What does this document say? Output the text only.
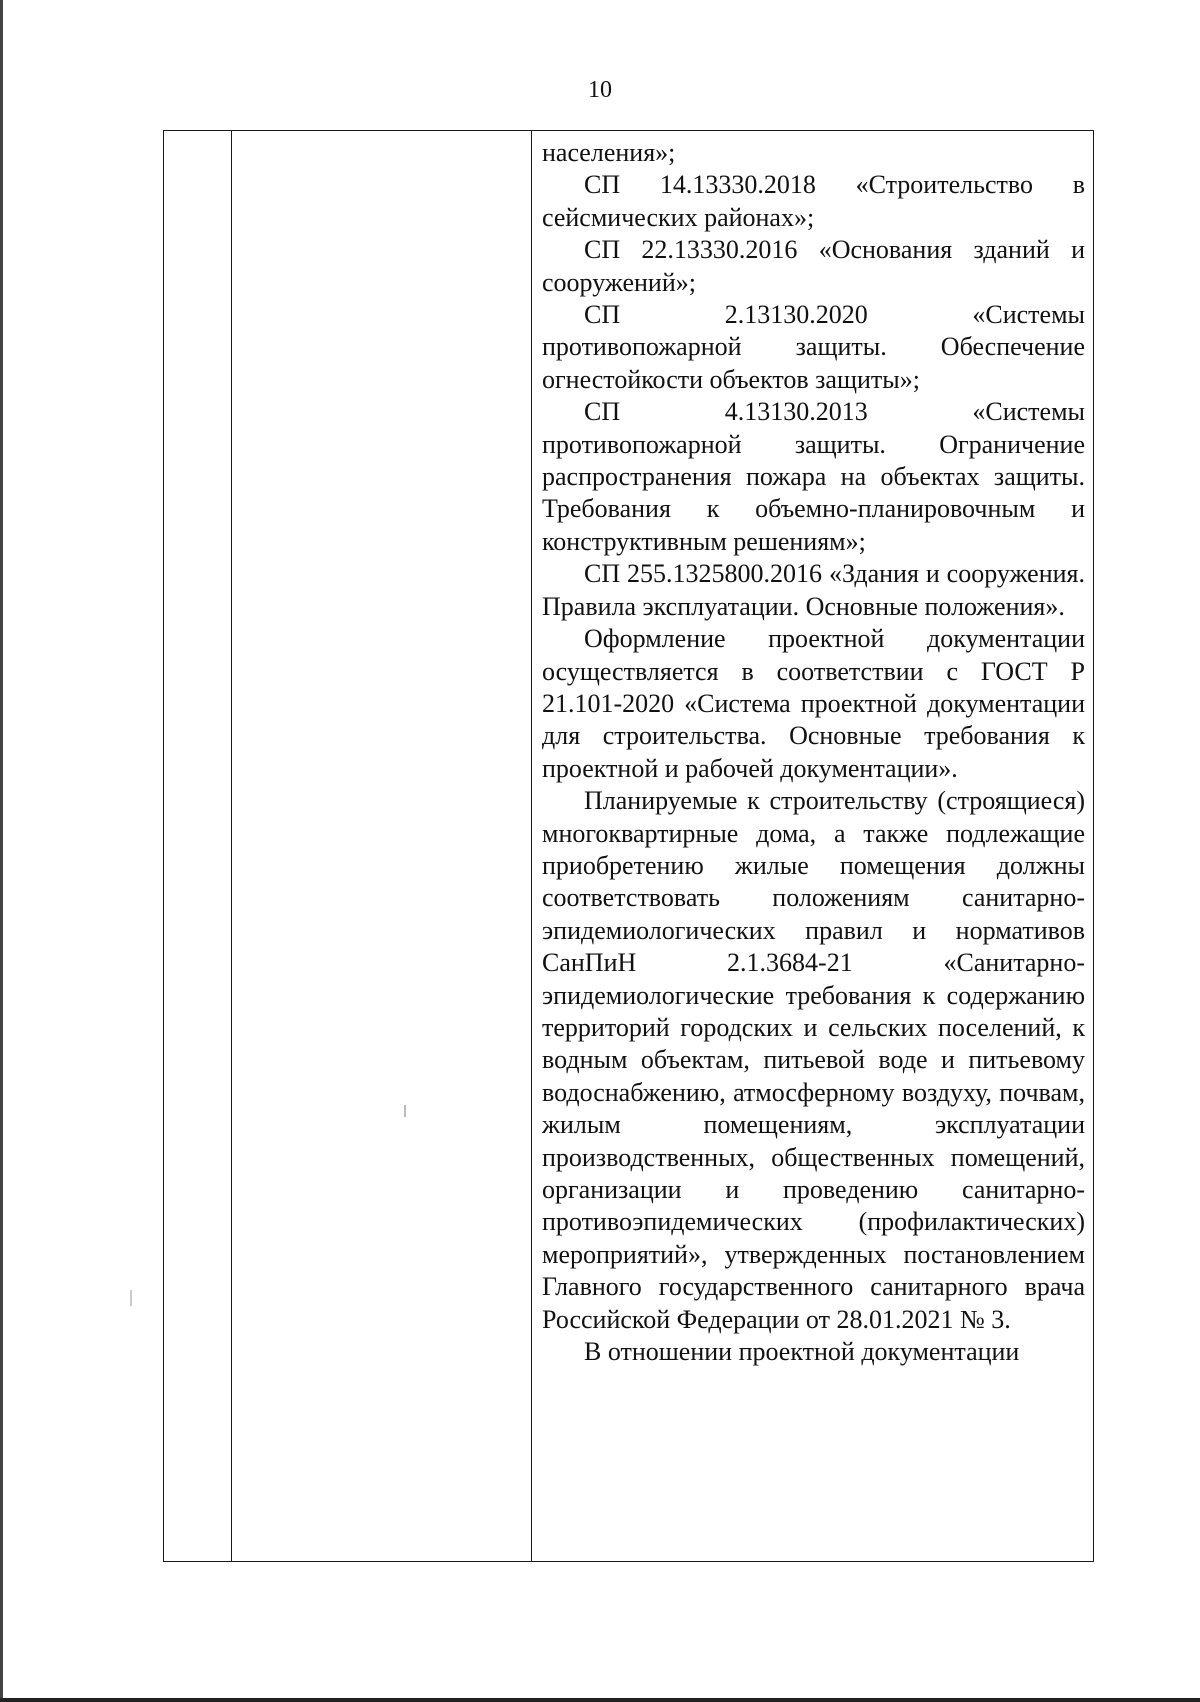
10

населения»;

СП 14.13330.2018 «Строительство в сейсмических районах»;

СП 22.13330.2016 «Основания зданий и сооружений»;

СП 2.13130.2020 «Системы противопожарной защиты. Обеспечение огнестойкости объектов защиты»;

СП 4.13130.2013 «Системы противопожарной защиты. Ограничение распространения пожара на объектах защиты. Требования к объемно-планировочным и конструктивным решениям»;

СП 255.1325800.2016 «Здания и сооружения. Правила эксплуатации. Основные положения».

Оформление проектной документации осуществляется в соответствии с ГОСТ Р 21.101-2020 «Система проектной документации для строительства. Основные требования к проектной и рабочей документации».

Планируемые к строительству (строящиеся) многоквартирные дома, а также подлежащие приобретению жилые помещения должны соответствовать положениям санитарно-эпидемиологических правил и нормативов СанПиН 2.1.3684-21 «Санитарно-эпидемиологические требования к содержанию территорий городских и сельских поселений, к водным объектам, питьевой воде и питьевому водоснабжению, атмосферному воздуху, почвам, жилым помещениям, эксплуатации производственных, общественных помещений, организации и проведению санитарно-противоэпидемических (профилактических) мероприятий», утвержденных постановлением Главного государственного санитарного врача Российской Федерации от 28.01.2021 № 3.

В отношении проектной документации
